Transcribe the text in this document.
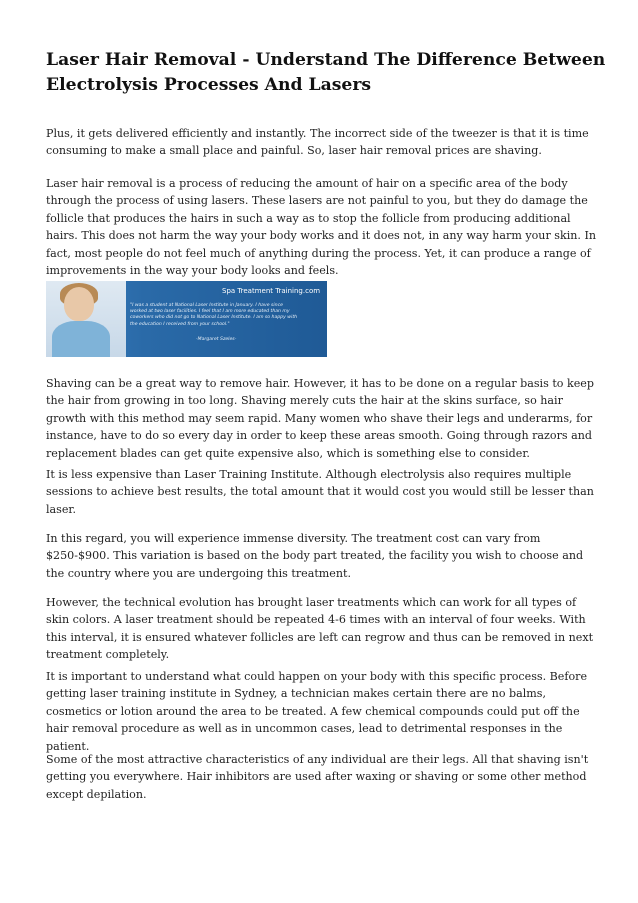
Laser Hair Removal - Understand The Difference Between Electrolysis Processes And Lasers

Plus, it gets delivered efficiently and instantly. The incorrect side of the tweezer is that it is time consuming to make a small place and painful. So, laser hair removal prices are shaving.

Laser hair removal is a process of reducing the amount of hair on a specific area of the body through the process of using lasers. These lasers are not painful to you, but they do damage the follicle that produces the hairs in such a way as to stop the follicle from producing additional hairs. This does not harm the way your body works and it does not, in any way harm your skin. In fact, most people do not feel much of anything during the process. Yet, it can produce a range of improvements in the way your body looks and feels.

Spa Treatment Training.com
"I was a student at National Laser Institute in January. I have since worked at two laser facilities. I feel that I am more educated than my coworkers who did not go to National Laser Institute. I am so happy with the education I received from your school."
-Margaret Szeles-

Shaving can be a great way to remove hair. However, it has to be done on a regular basis to keep the hair from growing in too long. Shaving merely cuts the hair at the skins surface, so hair growth with this method may seem rapid. Many women who shave their legs and underarms, for instance, have to do so every day in order to keep these areas smooth. Going through razors and replacement blades can get quite expensive also, which is something else to consider.

It is less expensive than Laser Training Institute. Although electrolysis also requires multiple sessions to achieve best results, the total amount that it would cost you would still be lesser than laser.

In this regard, you will experience immense diversity. The treatment cost can vary from $250-$900. This variation is based on the body part treated, the facility you wish to choose and the country where you are undergoing this treatment.

However, the technical evolution has brought laser treatments which can work for all types of skin colors. A laser treatment should be repeated 4-6 times with an interval of four weeks. With this interval, it is ensured whatever follicles are left can regrow and thus can be removed in next treatment completely.

It is important to understand what could happen on your body with this specific process. Before getting laser training institute in Sydney, a technician makes certain there are no balms, cosmetics or lotion around the area to be treated. A few chemical compounds could put off the hair removal procedure as well as in uncommon cases, lead to detrimental responses in the patient.

Some of the most attractive characteristics of any individual are their legs. All that shaving isn't getting you everywhere. Hair inhibitors are used after waxing or shaving or some other method except depilation.
